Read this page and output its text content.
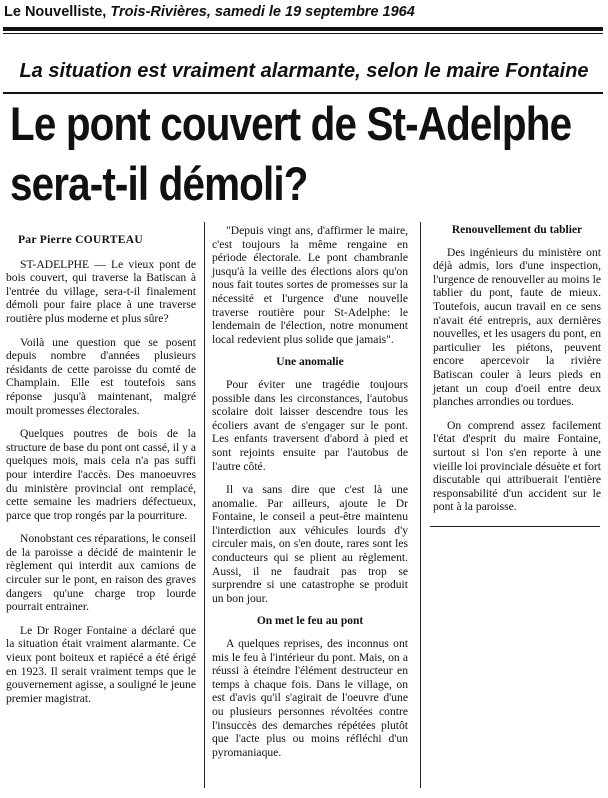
Le Nouvelliste, Trois-Rivières, samedi le 19 septembre 1964
La situation est vraiment alarmante, selon le maire Fontaine
Le pont couvert de St-Adelphe
sera-t-il démoli?
Par Pierre COURTEAU

ST-ADELPHE — Le vieux pont de bois couvert, qui traverse la Batiscan à l'entrée du village, sera-t-il finalement démoli pour faire place à une traverse routière plus moderne et plus sûre?

Voilà une question que se posent depuis nombre d'années plusieurs résidants de cette paroisse du comté de Champlain. Elle est toutefois sans réponse jusqu'à maintenant, malgré moult promesses électorales.

Quelques poutres de bois de la structure de base du pont ont cassé, il y a quelques mois, mais cela n'a pas suffi pour interdire l'accès. Des manoeuvres du ministère provincial ont remplacé, cette semaine les madriers défectueux, parce que trop rongés par la pourriture.

Nonobstant ces réparations, le conseil de la paroisse a décidé de maintenir le règlement qui interdit aux camions de circuler sur le pont, en raison des graves dangers qu'une charge trop lourde pourrait entrainer.

Le Dr Roger Fontaine a déclaré que la situation était vraiment alarmante. Ce vieux pont boiteux et rapiécé a été érigé en 1923. Il serait vraiment temps que le gouvernement agisse, a souligné le jeune premier magistrat.

"Depuis vingt ans, d'affirmer le maire, c'est toujours la même rengaine en période électorale. Le pont chambranle jusqu'à la veille des élections alors qu'on nous fait toutes sortes de promesses sur la nécessité et l'urgence d'une nouvelle traverse routière pour St-Adelphe: le lendemain de l'élection, notre monument local redevient plus solide que jamais".

Une anomalie

Pour éviter une tragédie toujours possible dans les circonstances, l'autobus scolaire doit laisser descendre tous les écoliers avant de s'engager sur le pont. Les enfants traversent d'abord à pied et sont rejoints ensuite par l'autobus de l'autre côté.

Il va sans dire que c'est là une anomalie. Par ailleurs, ajoute le Dr Fontaine, le conseil a peut-être maintenu l'interdiction aux véhicules lourds d'y circuler mais, on s'en doute, rares sont les conducteurs qui se plient au règlement. Aussi, il ne faudrait pas trop se surprendre si une catastrophe se produit un bon jour.

On met le feu au pont

A quelques reprises, des inconnus ont mis le feu à l'intérieur du pont. Mais, on a réussi à éteindre l'élément destructeur en temps à chaque fois. Dans le village, on est d'avis qu'il s'agirait de l'oeuvre d'une ou plusieurs personnes révoltées contre l'insuccès des demarches répétées plutôt que l'acte plus ou moins réfléchi d'un pyromaniaque.

Renouvellement du tablier

Des ingénieurs du ministère ont déjà admis, lors d'une inspection, l'urgence de renouveller au moins le tablier du pont, faute de mieux. Toutefois, aucun travail en ce sens n'avait été entrepris, aux dernières nouvelles, et les usagers du pont, en particulier les piétons, peuvent encore apercevoir la rivière Batiscan couler à leurs pieds en jetant un coup d'oeil entre deux planches arrondies ou tordues.

On comprend assez facilement l'état d'esprit du maire Fontaine, surtout si l'on s'en reporte à une vieille loi provinciale désuète et fort discutable qui attribuerait l'entière responsabilité d'un accident sur le pont à la paroisse.
